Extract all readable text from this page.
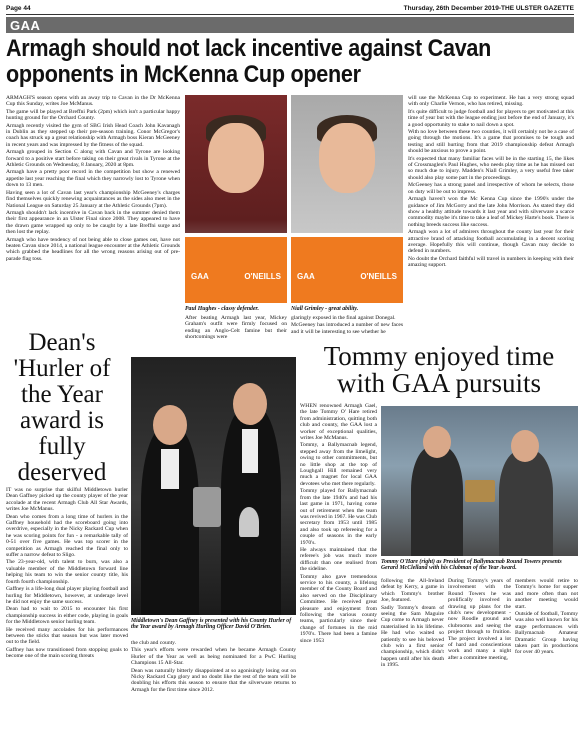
Page 44	Thursday, 26th December 2019-THE ULSTER GAZETTE
GAA
Armagh should not lack incentive against Cavan opponents in McKenna Cup opener

ARMAGH'S season opens with an away trip to Cavan in the Dr McKenna Cup this Sunday, writes Joe McManus.

The game will be played at Breffni Park (2pm) which isn't a particular happy hunting ground for the Orchard County.

Armagh recently visited the gym of SBG Irish Head Coach John Kavanagh in Dublin as they stepped up their pre-season training. Conor McGregor's coach has struck up a great relationship with Armagh boss Kieran McGeeney in recent years and was impressed by the fitness of the squad.

Armagh grouped in Section C along with Cavan and Tyrone are looking forward to a positive start before taking on their great rivals in Tyrone at the Athletic Grounds on Wednesday, 8 January, 2020 at 8pm.

Armagh have a pretty poor record in the competition but show a renewed appetite last year reaching the final which they narrowly lost to Tyrone when down to 13 men.

Having seen a lot of Cavan last year's championship McGeeney's charges find themselves quickly renewing acquaintances as the sides also meet in the National League on Saturday 25 January at the Athletic Grounds (7pm).

Armagh shouldn't lack incentive in Cavan back in the summer denied them their first appearance in an Ulster Final since 2008. They appeared to have the drawn game wrapped up only to be caught by a late Breffni surge and then lost the replay.

Armagh who have tendency of not being able to close games out, have not beaten Cavan since 2014, a national league encounter at the Athletic Grounds which grabbed the headlines for all the wrong reasons arising out of pre-parade flag toss.

GAA	O'NEILLS GAA	O'NEILLS
Paul Hughes - classy defender.	Niall Grimley - great ability.

After beating Armagh last year, Mickey Graham's outfit were firmly focused on ending an Anglo-Celt famine but their shortcomings were

glaringly exposed in the final against Donegal.

McGeeney has introduced a number of new faces and it will be interesting to see whether he

will use the McKenna Cup to experiment. He has a very strong squad with only Charlie Vernon, who has retired, missing.

It's quite difficult to judge football and for players to get motivated at this time of year but with the league ending just before the end of January, it's a good opportunity to stake to nail down a spot.

With no love between these two counties, it will certainly not be a case of going through the motions. It's a game that promises to be tough and testing and still hurting from that 2019 championship defeat Armagh should be anxious to prove a point.

It's expected that many familiar faces will be in the starting 15, the likes of Crossmaglen's Paul Hughes, who needs play time as he has missed out so much due to injury. Madden's Niall Grimley, a very useful free taker should also play some part in the proceedings.

McGeeney has a strong panel and irrespective of whom he selects, those on duty will be out to impress.

Armagh haven't won the Mc Kenna Cup since the 1990's under the guidance of Jim McGorry and the late John Morrison. As stated they did show a healthy attitude towards it last year and with silverware a scarce commodity maybe it's time to take a leaf of Mickey Harte's book. There is nothing breeds success like success.

Armagh won a lot of admirers throughout the county last year for their attractive brand of attacking football accumulating in a decent scoring average. Hopefully this will continue, though Cavan may decide to defend in numbers.

No doubt the Orchard faithful will travel in numbers in keeping with their amazing support.

Dean's 'Hurler of the Year award is fully deserved
Middletown's Dean Gaffney is presented with his County Hurler of the Year award by Armagh Hurling Officer David O'Brien.

IT was no surprise that skilful Middletown hurler Dean Gaffney picked up the county player of the year accolade at the recent Armagh Club All Star Awards, writes Joe McManus.

Dean who comes from a long time of hurlers in the Gaffney household had the scoreboard going into overdrive, especially in the Nicky Rackard Cup when he was scoring points for fun - a remarkable tally of 0-51 over five games. He was top scorer in the competition as Armagh reached the final only to suffer a narrow defeat to Sligo.

The 23-year-old, with talent to burn, was also a valuable member of the Middletown forward line helping his team to win the senior county title, his fourth fourth championship.

Gaffney is a life-long dual player playing football and hurling for Middletown, however, at underage level he did not enjoy the same success.

Dean had to wait to 2015 to encounter his first championship success in either code, playing in goals for the Middletown senior hurling team.

He received many accolades for his performances between the sticks that season but was later moved out to the field.

Gaffney has now transitioned from stopping goals to become one of the main scoring threats

the club and county.

This year's efforts were rewarded when he became Armagh County Hurler of the Year as well as being nominated for a PwC Hurling Champions 15 All-Star.

Dean was naturally bitterly disappointed at so agonisingly losing out on Nicky Rackard Cup glory and no doubt like the rest of the team will be doubling his efforts this season to ensure that the silverware returns to Armagh for the first time since 2012.

Tommy enjoyed time with GAA pursuits

WHEN renowned Armagh Gael, the late Tommy O' Hare retired from administration, quitting both club and county, the GAA lost a worker of exceptional qualities, writes Joe McManus.

Tommy, a Ballymacnab legend, stepped away from the limelight, owing to other commitments, but no little shop at the top of Loughgall Hill remained very much a magnet for local GAA devotees who met there regularly.

Tommy played for Ballymacnab from the late 1940's and had his last game in 1971, having come out of retirement when the team was revived in 1967. He was Club secretary from 1953 until 1985 and also took up refereeing for a couple of seasons in the early 1970's.

He always maintained that the referee's job was much more difficult than one realised from the sideline.

Tommy also gave tremendous service to his county, a lifelong member of the County Board and also served on the Disciplinary Committee. He received great pleasure and enjoyment from following the various county teams, particularly since their change of fortunes in the mid 1970's. There had been a famine since 1953

Tommy O'Hare (right) as President of Ballymacnab Round Towers presents Gerard McClelland with his Clubman of the Year Award.

following the All-Ireland defeat by Kerry, a game in which Tommy's brother Joe, featured.

Sadly Tommy's dream of seeing the Sam Maguire Cup come to Armagh never materialised in his lifetime. He had who waited so patiently to see his beloved club win a first senior championship, which didn't happen until after his death in 1995.

During Tommy's years of involvement with the Round Towers he was prolifically involved in drawing up plans for the club's new development - now Roodle ground and clubrooms and seeing the project through to fruition. The project involved a lot of hard and conscientious work and many a night after a committee meeting,

members would retire to Tommy's home for supper and more often than not another meeting would start.

Outside of football, Tommy was also well known for his stage performances with Ballymacnab Amateur Dramatic Group having taken part in productions for over 40 years.
